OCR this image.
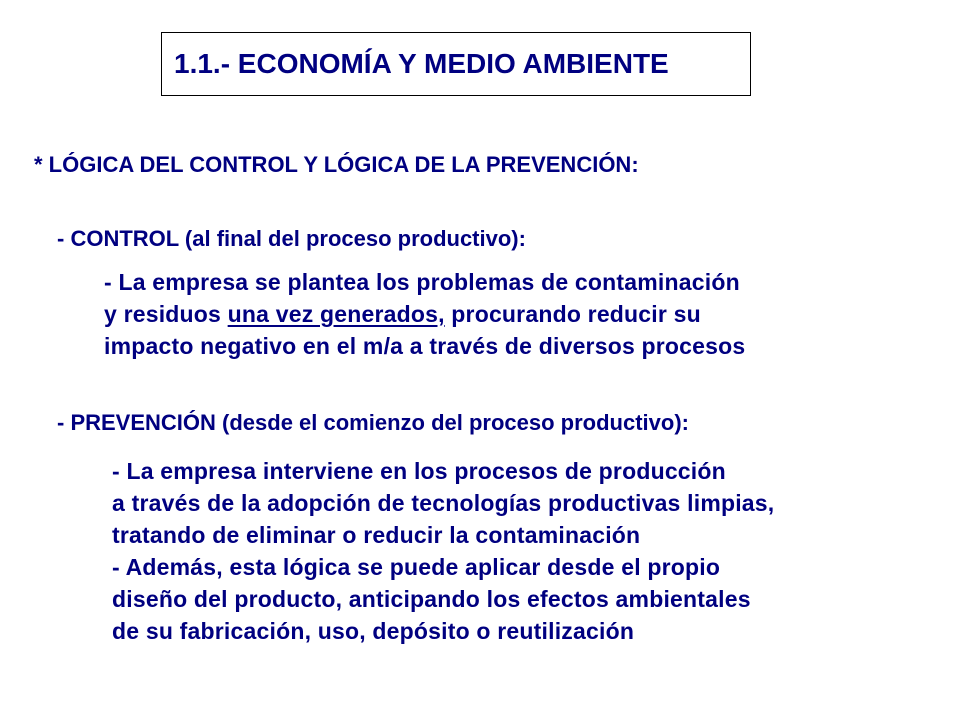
1.1.- ECONOMÍA Y MEDIO AMBIENTE
* LÓGICA DEL CONTROL Y LÓGICA DE LA PREVENCIÓN:
- CONTROL (al final del proceso productivo):
- La empresa se plantea los problemas de contaminación
y residuos una vez generados, procurando reducir su
impacto negativo en el m/a a través de diversos procesos
- PREVENCIÓN (desde el comienzo del proceso productivo):
- La empresa interviene en los procesos de producción
a través de la adopción de tecnologías productivas limpias,
tratando de eliminar o reducir la contaminación
- Además, esta lógica se puede aplicar desde el propio
diseño del producto, anticipando los efectos ambientales
de su fabricación, uso, depósito o reutilización
